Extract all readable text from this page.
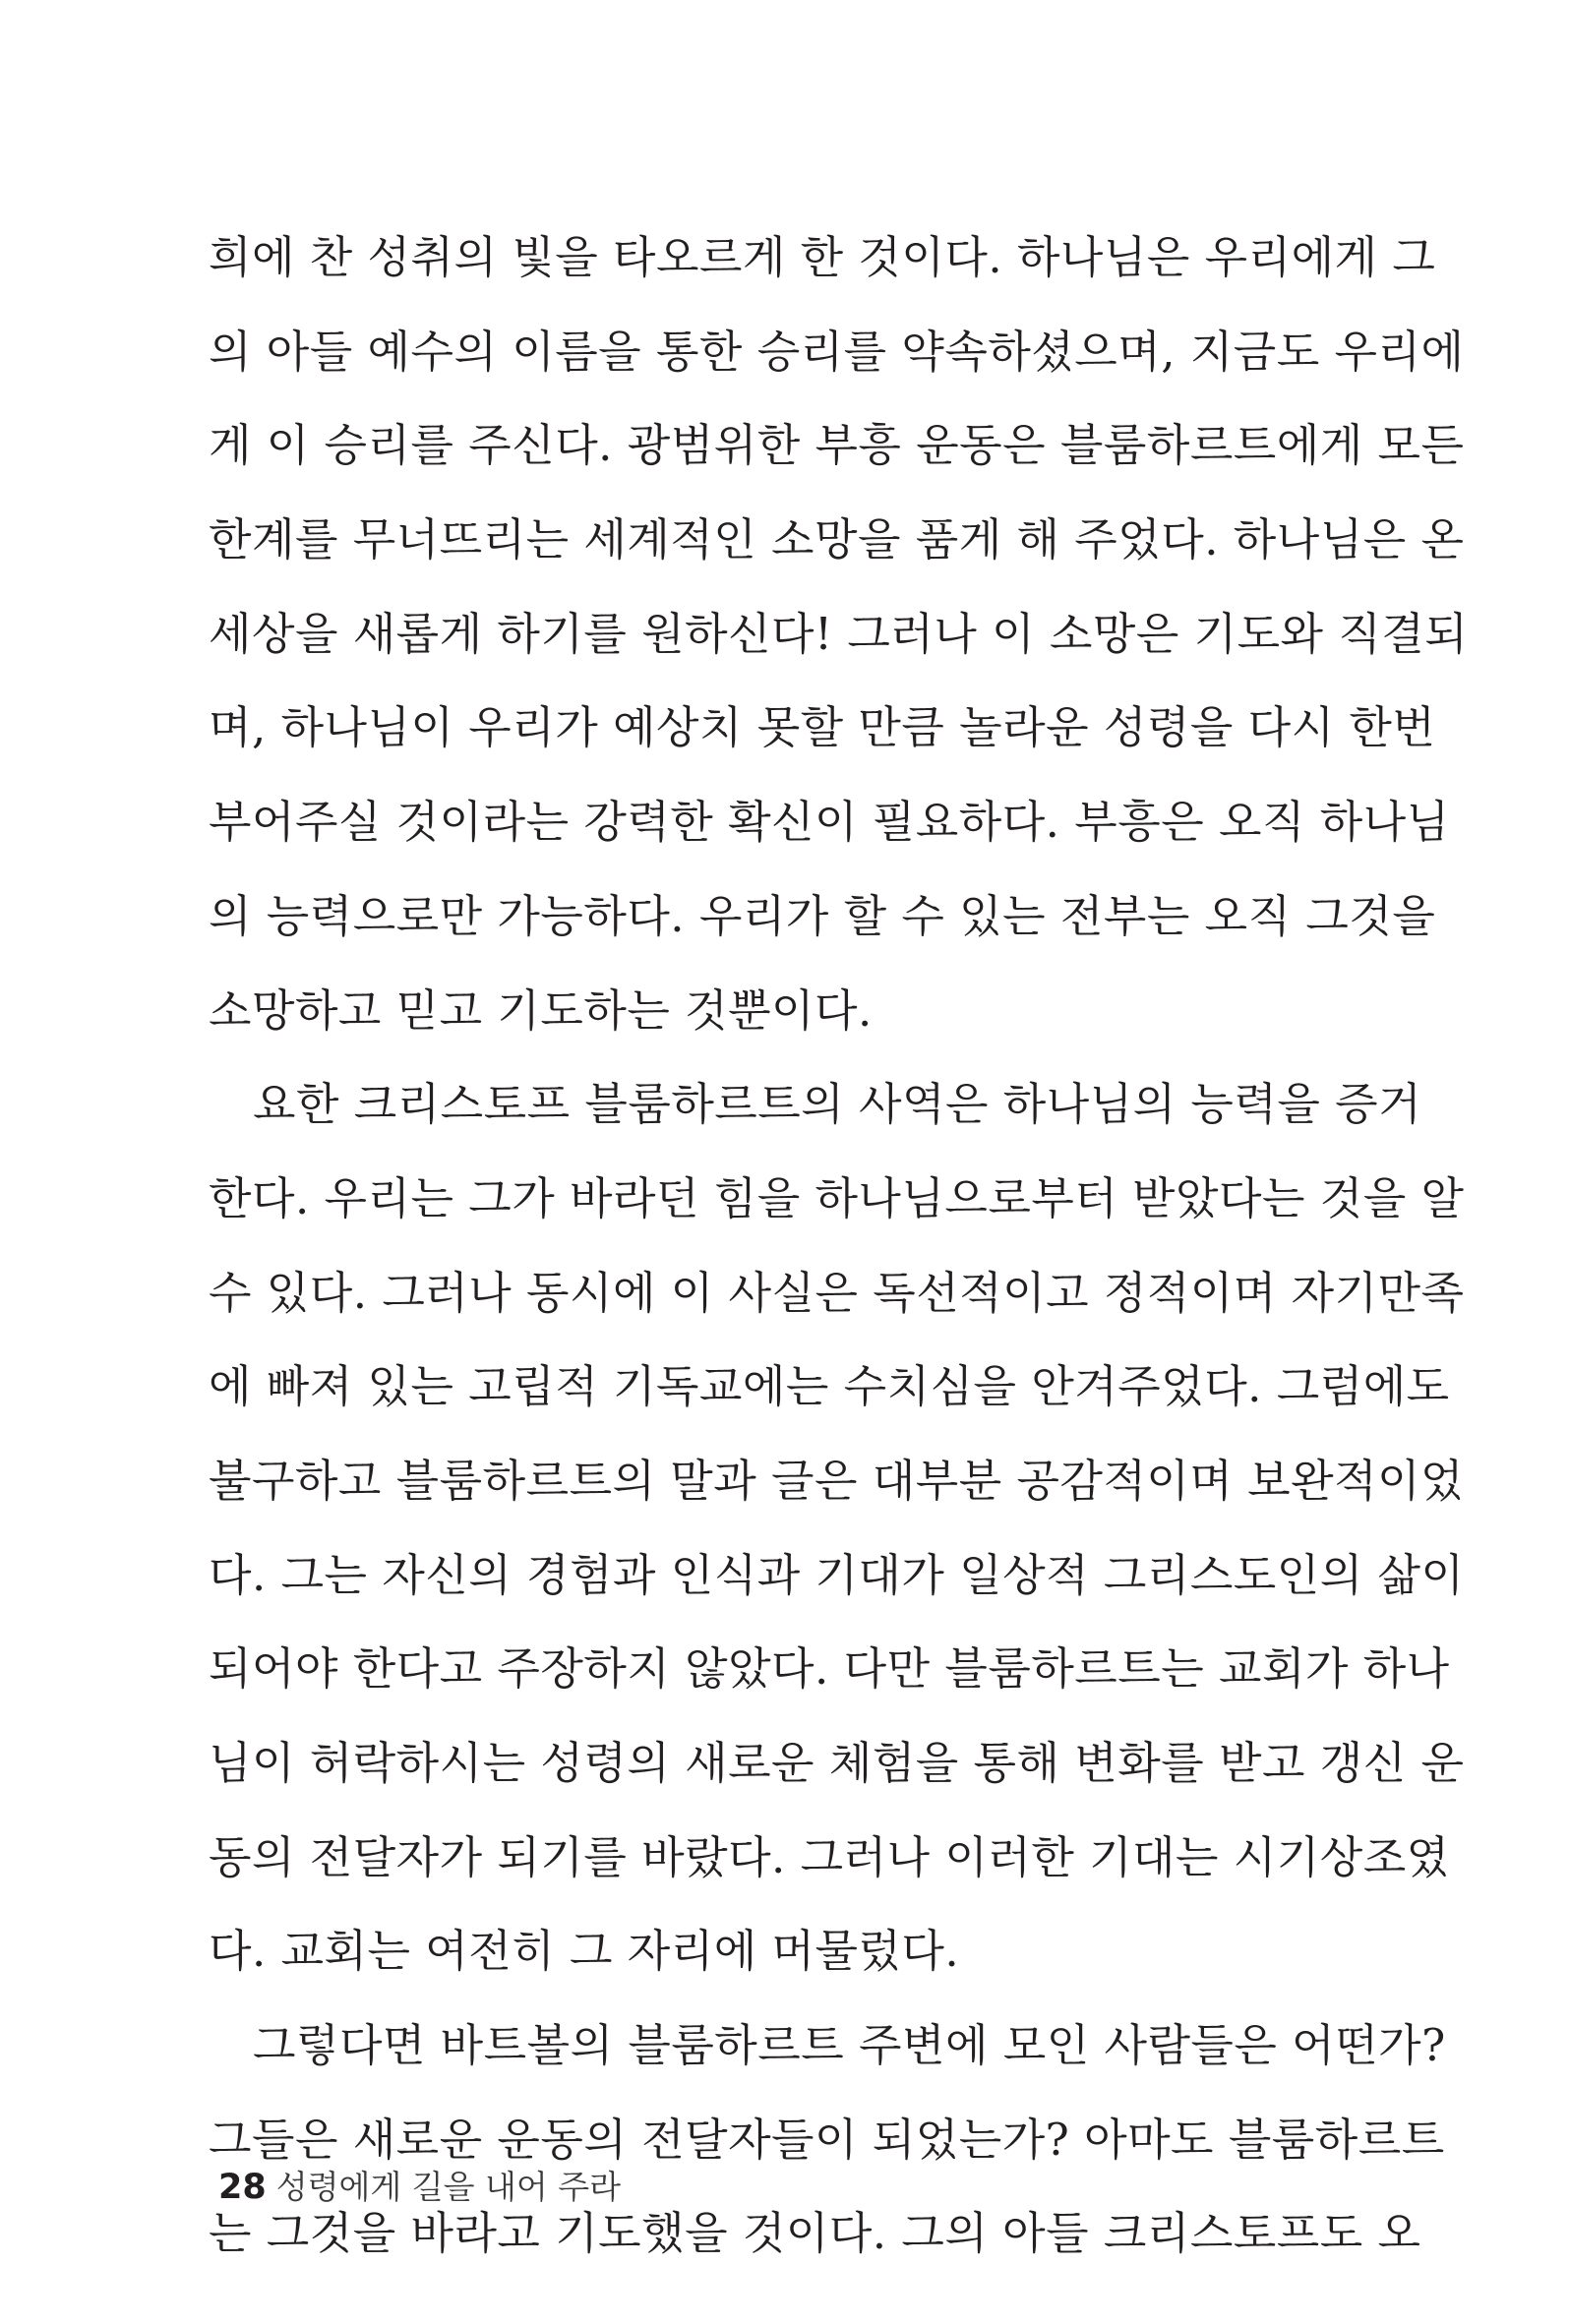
희에 찬 성취의 빛을 타오르게 한 것이다. 하나님은 우리에게 그
의 아들 예수의 이름을 통한 승리를 약속하셨으며, 지금도 우리에
게 이 승리를 주신다. 광범위한 부흥 운동은 블룸하르트에게 모든
한계를 무너뜨리는 세계적인 소망을 품게 해 주었다. 하나님은 온
세상을 새롭게 하기를 원하신다! 그러나 이 소망은 기도와 직결되
며, 하나님이 우리가 예상치 못할 만큼 놀라운 성령을 다시 한번
부어주실 것이라는 강력한 확신이 필요하다. 부흥은 오직 하나님
의 능력으로만 가능하다. 우리가 할 수 있는 전부는 오직 그것을
소망하고 믿고 기도하는 것뿐이다.
요한 크리스토프 블룸하르트의 사역은 하나님의 능력을 증거
한다. 우리는 그가 바라던 힘을 하나님으로부터 받았다는 것을 알
수 있다. 그러나 동시에 이 사실은 독선적이고 정적이며 자기만족
에 빠져 있는 고립적 기독교에는 수치심을 안겨주었다. 그럼에도
불구하고 블룸하르트의 말과 글은 대부분 공감적이며 보완적이었
다. 그는 자신의 경험과 인식과 기대가 일상적 그리스도인의 삶이
되어야 한다고 주장하지 않았다. 다만 블룸하르트는 교회가 하나
님이 허락하시는 성령의 새로운 체험을 통해 변화를 받고 갱신 운
동의 전달자가 되기를 바랐다. 그러나 이러한 기대는 시기상조였
다. 교회는 여전히 그 자리에 머물렀다.
그렇다면 바트볼의 블룸하르트 주변에 모인 사람들은 어떤가?
그들은 새로운 운동의 전달자들이 되었는가? 아마도 블룸하르트
는 그것을 바라고 기도했을 것이다. 그의 아들 크리스토프도 오
28 성령에게 길을 내어 주라
